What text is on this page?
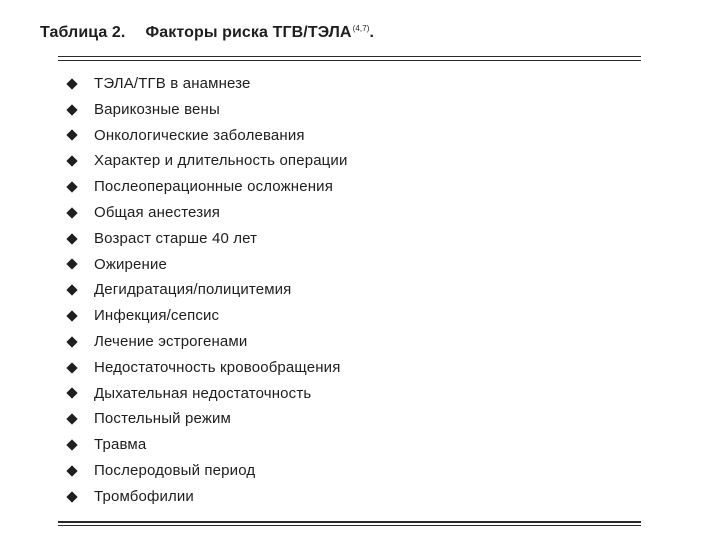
Таблица 2. Факторы риска ТГВ/ТЭЛА$^{(4,7)}$.
ТЭЛА/ТГВ в анамнезе
Варикозные вены
Онкологические заболевания
Характер и длительность операции
Послеоперационные осложнения
Общая анестезия
Возраст старше 40 лет
Ожирение
Дегидратация/полицитемия
Инфекция/сепсис
Лечение эстрогенами
Недостаточность кровообращения
Дыхательная недостаточность
Постельный режим
Травма
Послеродовый период
Тромбофилии
